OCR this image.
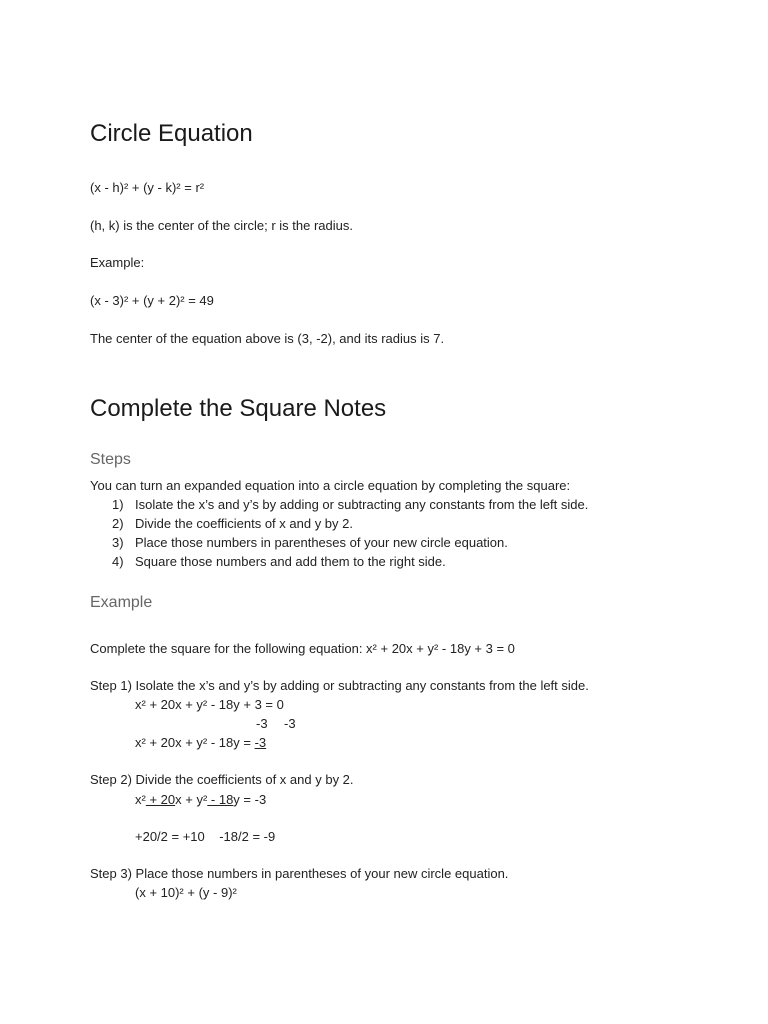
Circle Equation
(x - h)² + (y - k)² = r²
(h, k) is the center of the circle; r is the radius.
Example:
(x - 3)² + (y + 2)² = 49
The center of the equation above is (3, -2), and its radius is 7.
Complete the Square Notes
Steps
You can turn an expanded equation into a circle equation by completing the square:
1) Isolate the x’s and y’s by adding or subtracting any constants from the left side.
2) Divide the coefficients of x and y by 2.
3) Place those numbers in parentheses of your new circle equation.
4) Square those numbers and add them to the right side.
Example
Complete the square for the following equation: x² + 20x + y² - 18y + 3 = 0
Step 1) Isolate the x’s and y’s by adding or subtracting any constants from the left side.
x² + 20x + y² - 18y + 3 = 0
-3 -3
x² + 20x + y² - 18y = -3
Step 2) Divide the coefficients of x and y by 2.
x² + 20x + y² - 18y = -3
+20/2 = +10    -18/2 = -9
Step 3) Place those numbers in parentheses of your new circle equation.
(x + 10)² + (y - 9)²
